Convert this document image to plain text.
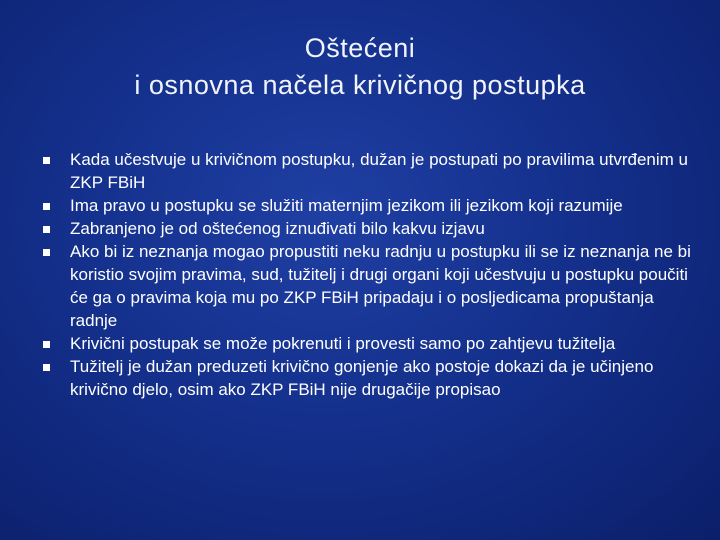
Oštećeni
i osnovna načela krivičnog postupka
Kada učestvuje u krivičnom postupku, dužan je postupati po pravilima utvrđenim u ZKP FBiH
Ima pravo u postupku se služiti maternjim jezikom ili jezikom koji razumije
Zabranjeno je od oštećenog iznuđivati bilo kakvu izjavu
Ako bi iz neznanja mogao propustiti neku radnju u postupku ili se iz neznanja ne bi koristio svojim pravima, sud, tužitelj i drugi organi koji učestvuju u postupku poučiti će ga o pravima koja mu po ZKP FBiH pripadaju i o posljedicama propuštanja radnje
Krivični postupak se može pokrenuti i provesti samo po zahtjevu tužitelja
Tužitelj je dužan preduzeti krivično gonjenje ako postoje dokazi da je učinjeno krivično djelo, osim ako ZKP FBiH nije drugačije propisao
